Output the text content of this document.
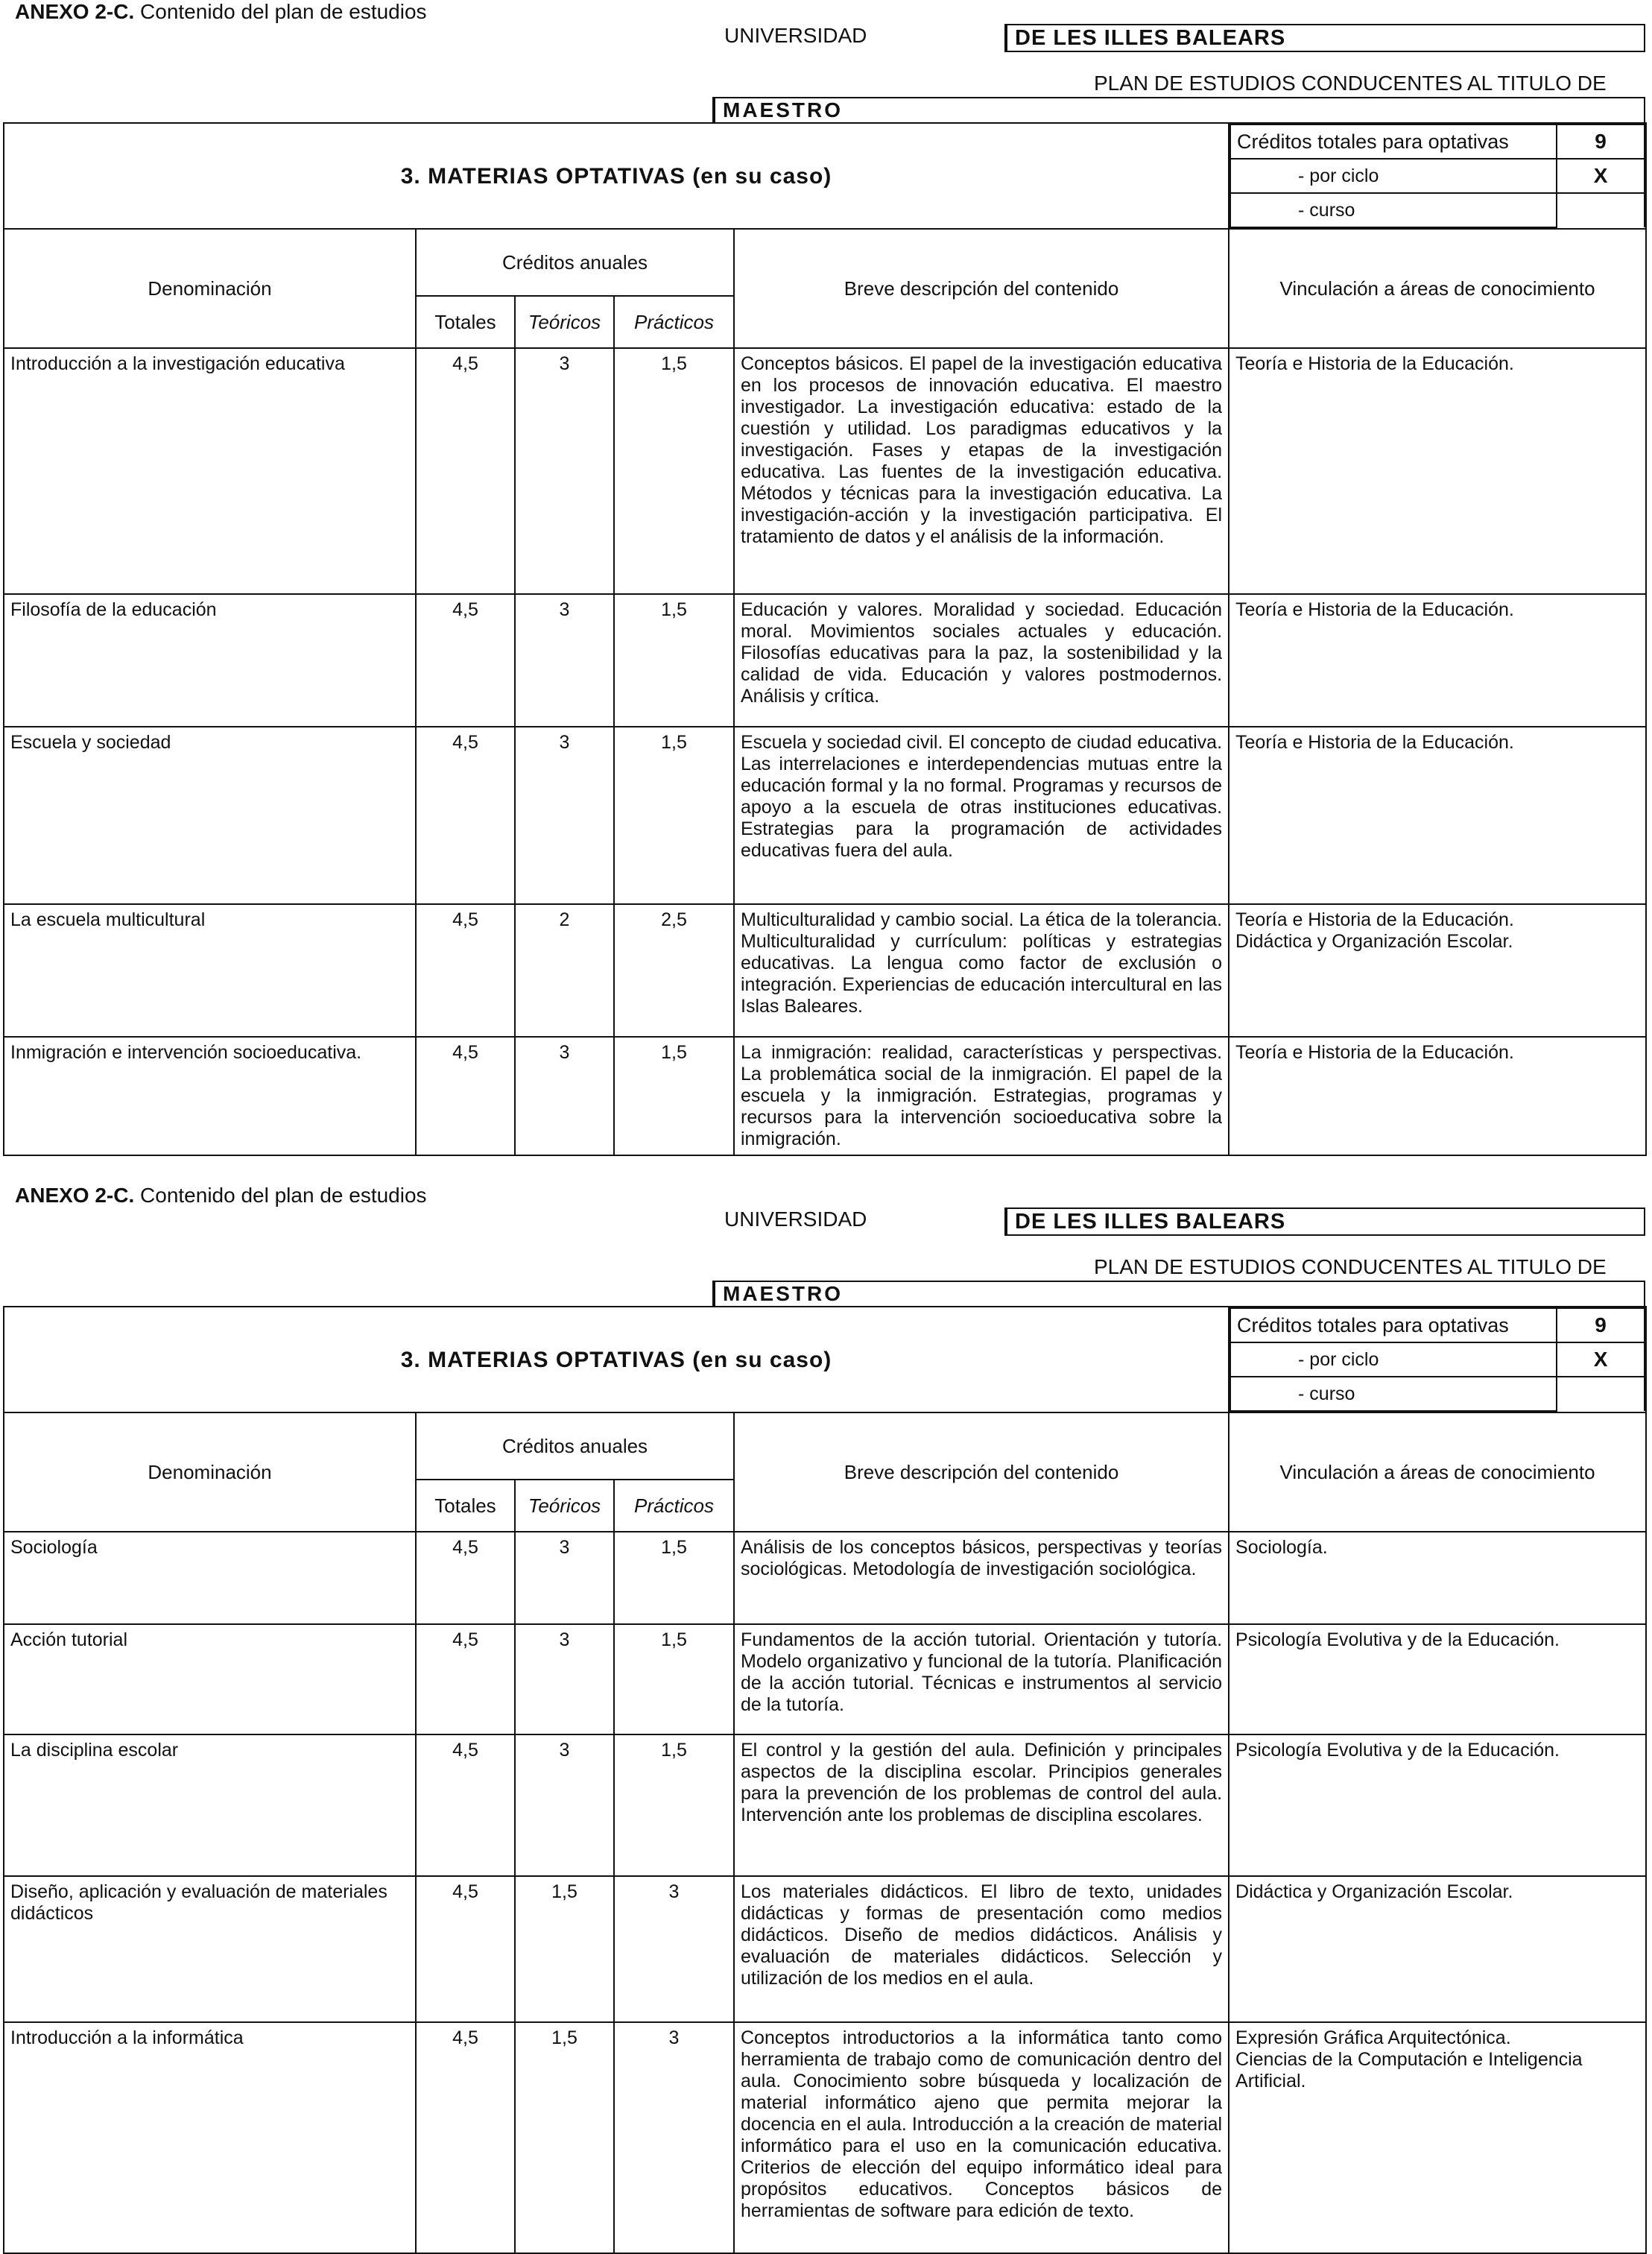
ANEXO 2-C. Contenido del plan de estudios
UNIVERSIDAD	DE LES ILLES BALEARS
PLAN DE ESTUDIOS CONDUCENTES AL TITULO DE
MAESTRO
3. MATERIAS OPTATIVAS (en su caso)	
Créditos totales para optativas	9
- por ciclo	X
- curso	

Denominación	Créditos anuales	Breve descripción del contenido	Vinculación a áreas de conocimiento
Totales	Teóricos	Prácticos
Introducción a la investigación educativa	4,5	3	1,5	Conceptos básicos. El papel de la investigación educativa en los procesos de innovación educativa. El maestro investigador. La investigación educativa: estado de la cuestión y utilidad. Los paradigmas educativos y la investigación. Fases y etapas de la investigación educativa. Las fuentes de la investigación educativa. Métodos y técnicas para la investigación educativa. La investigación-acción y la investigación participativa. El tratamiento de datos y el análisis de la información.	Teoría e Historia de la Educación.
Filosofía de la educación	4,5	3	1,5	Educación y valores. Moralidad y sociedad. Educación moral. Movimientos sociales actuales y educación. Filosofías educativas para la paz, la sostenibilidad y la calidad de vida. Educación y valores postmodernos. Análisis y crítica.	Teoría e Historia de la Educación.
Escuela y sociedad	4,5	3	1,5	Escuela y sociedad civil. El concepto de ciudad educativa. Las interrelaciones e interdependencias mutuas entre la educación formal y la no formal. Programas y recursos de apoyo a la escuela de otras instituciones educativas. Estrategias para la programación de actividades educativas fuera del aula.	Teoría e Historia de la Educación.
La escuela multicultural	4,5	2	2,5	Multiculturalidad y cambio social. La ética de la tolerancia. Multiculturalidad y currículum: políticas y estrategias educativas. La lengua como factor de exclusión o integración. Experiencias de educación intercultural en las Islas Baleares.	Teoría e Historia de la Educación.
Didáctica y Organización Escolar.
Inmigración e intervención socioeducativa.	4,5	3	1,5	La inmigración: realidad, características y perspectivas. La problemática social de la inmigración. El papel de la escuela y la inmigración. Estrategias, programas y recursos para la intervención socioeducativa sobre la inmigración.	Teoría e Historia de la Educación.
ANEXO 2-C. Contenido del plan de estudios
UNIVERSIDAD	DE LES ILLES BALEARS
PLAN DE ESTUDIOS CONDUCENTES AL TITULO DE
MAESTRO
3. MATERIAS OPTATIVAS (en su caso)	
Créditos totales para optativas	9
- por ciclo	X
- curso	

Denominación	Créditos anuales	Breve descripción del contenido	Vinculación a áreas de conocimiento
Totales	Teóricos	Prácticos
Sociología	4,5	3	1,5	Análisis de los conceptos básicos, perspectivas y teorías sociológicas. Metodología de investigación sociológica.	Sociología.
Acción tutorial	4,5	3	1,5	Fundamentos de la acción tutorial. Orientación y tutoría. Modelo organizativo y funcional de la tutoría. Planificación de la acción tutorial. Técnicas e instrumentos al servicio de la tutoría.	Psicología Evolutiva y de la Educación.
La disciplina escolar	4,5	3	1,5	El control y la gestión del aula. Definición y principales aspectos de la disciplina escolar. Principios generales para la prevención de los problemas de control del aula. Intervención ante los problemas de disciplina escolares.	Psicología Evolutiva y de la Educación.
Diseño, aplicación y evaluación de materiales didácticos	4,5	1,5	3	Los materiales didácticos. El libro de texto, unidades didácticas y formas de presentación como medios didácticos. Diseño de medios didácticos. Análisis y evaluación de materiales didácticos. Selección y utilización de los medios en el aula.	Didáctica y Organización Escolar.
Introducción a la informática	4,5	1,5	3	Conceptos introductorios a la informática tanto como herramienta de trabajo como de comunicación dentro del aula. Conocimiento sobre búsqueda y localización de material informático ajeno que permita mejorar la docencia en el aula. Introducción a la creación de material informático para el uso en la comunicación educativa. Criterios de elección del equipo informático ideal para propósitos educativos. Conceptos básicos de herramientas de software para edición de texto.	Expresión Gráfica Arquitectónica.
Ciencias de la Computación e Inteligencia Artificial.
